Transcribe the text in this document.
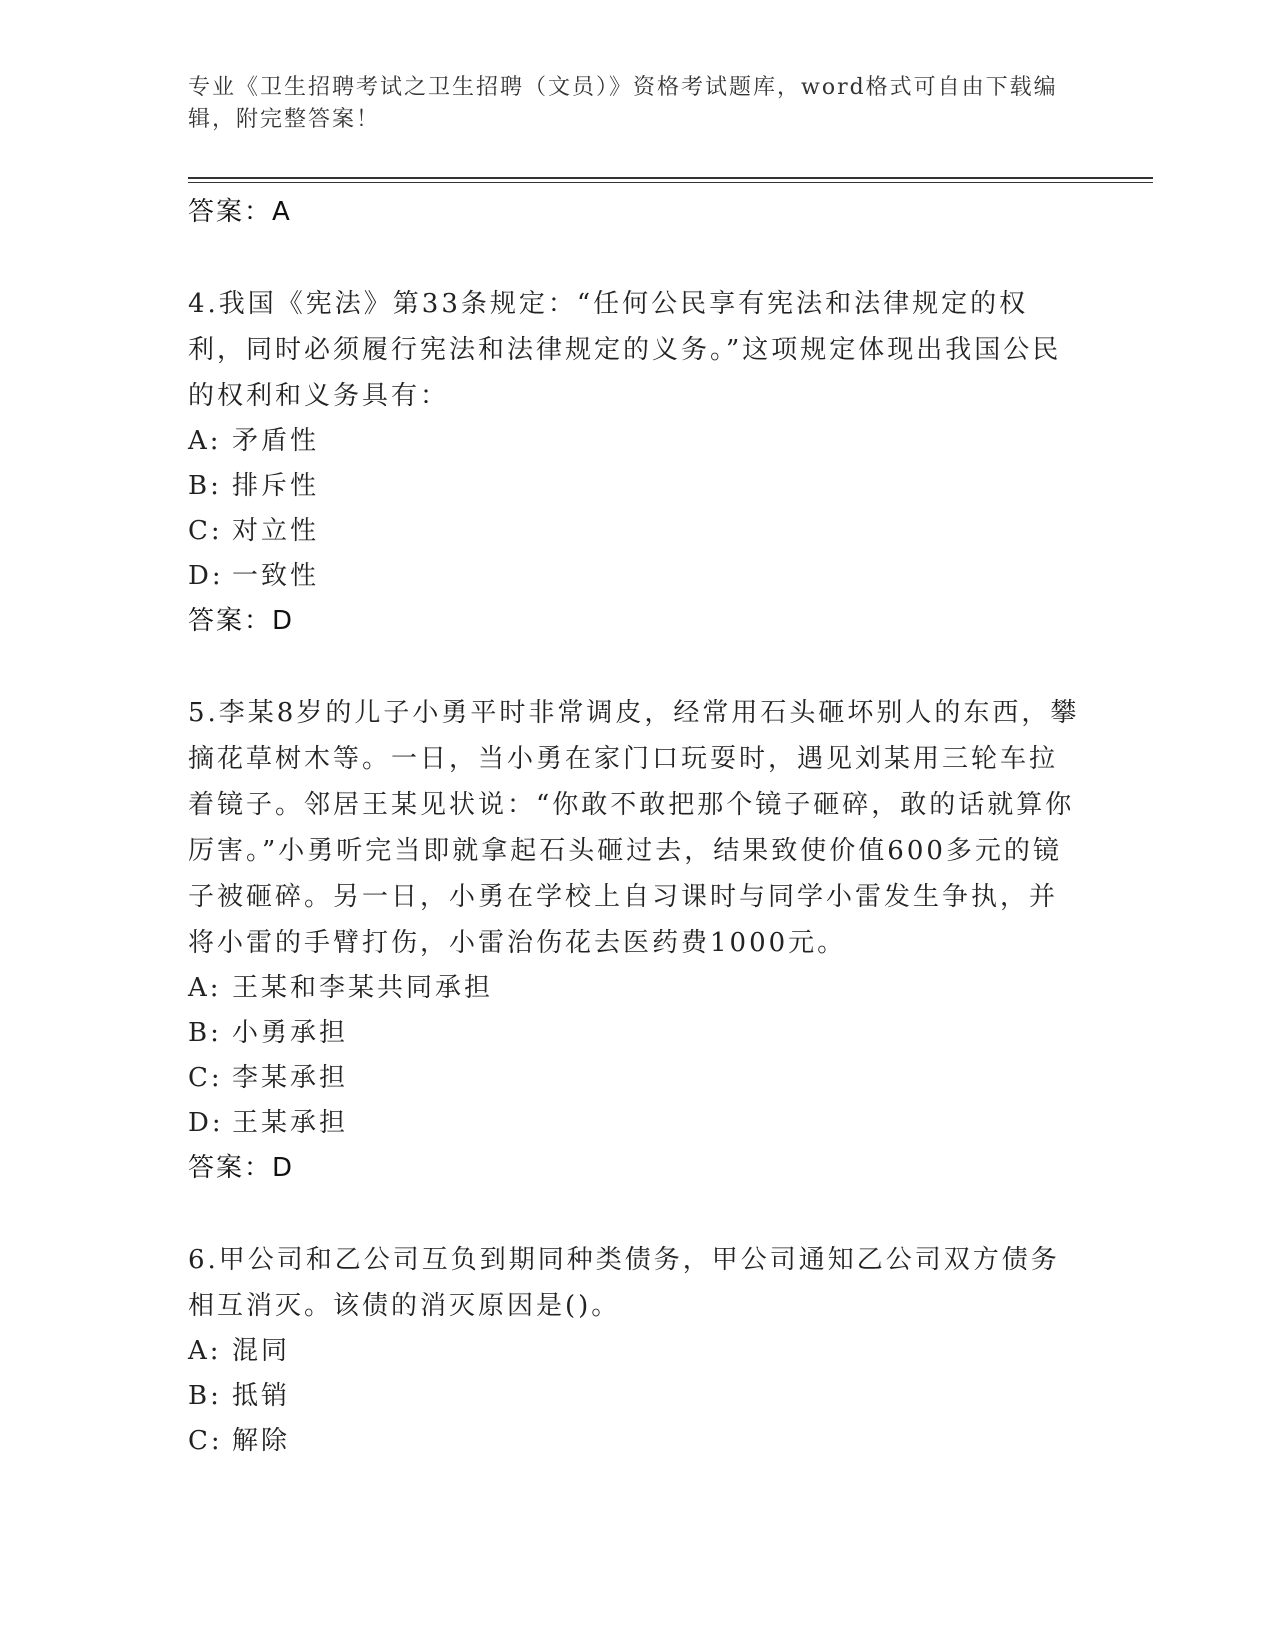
专业《卫生招聘考试之卫生招聘（文员）》资格考试题库，word格式可自由下载编辑，附完整答案！
答案：A
4.我国《宪法》第33条规定：“任何公民享有宪法和法律规定的权利，同时必须履行宪法和法律规定的义务。”这项规定体现出我国公民的权利和义务具有：
A: 矛盾性
B: 排斥性
C: 对立性
D: 一致性
答案：D
5.李某8岁的儿子小勇平时非常调皮，经常用石头砸坏别人的东西，攀摘花草树木等。一日，当小勇在家门口玩耍时，遇见刘某用三轮车拉着镜子。邻居王某见状说：“你敢不敢把那个镜子砸碎，敢的话就算你厉害。”小勇听完当即就拿起石头砸过去，结果致使价值600多元的镜子被砸碎。另一日，小勇在学校上自习课时与同学小雷发生争执，并将小雷的手臂打伤，小雷治伤花去医药费1000元。
A: 王某和李某共同承担
B: 小勇承担
C: 李某承担
D: 王某承担
答案：D
6.甲公司和乙公司互负到期同种类债务，甲公司通知乙公司双方债务相互消灭。该债的消灭原因是()。
A: 混同
B: 抵销
C: 解除
